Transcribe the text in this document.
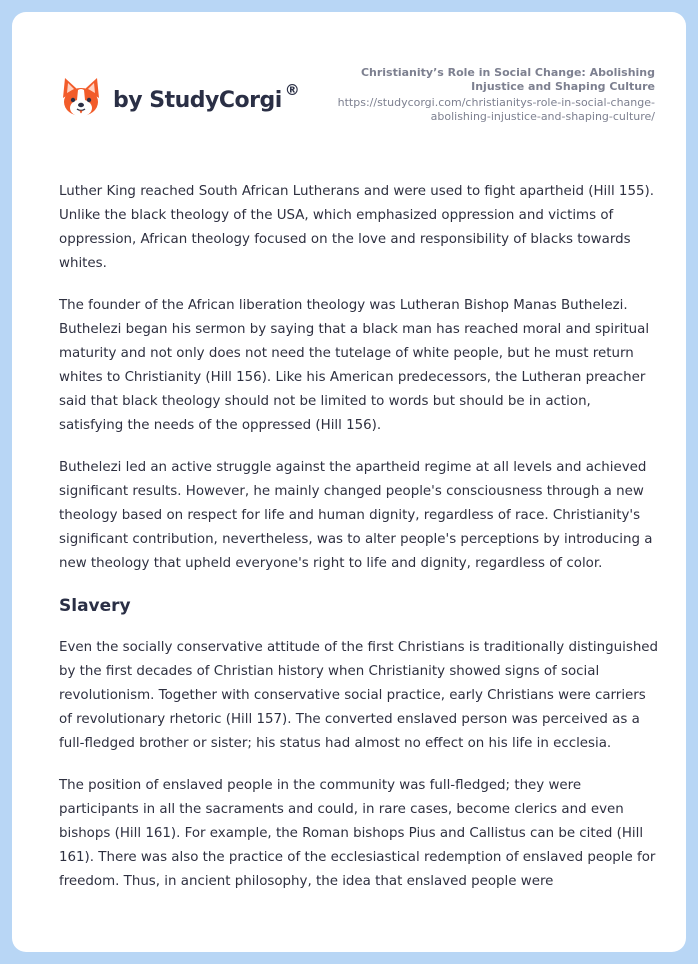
by StudyCorgi ®

Christianity’s Role in Social Change: Abolishing Injustice and Shaping Culture

https://studycorgi.com/christianitys-role-in-social-change-abolishing-injustice-and-shaping-culture/

Luther King reached South African Lutherans and were used to fight apartheid (Hill 155). Unlike the black theology of the USA, which emphasized oppression and victims of oppression, African theology focused on the love and responsibility of blacks towards whites.

The founder of the African liberation theology was Lutheran Bishop Manas Buthelezi. Buthelezi began his sermon by saying that a black man has reached moral and spiritual maturity and not only does not need the tutelage of white people, but he must return whites to Christianity (Hill 156). Like his American predecessors, the Lutheran preacher said that black theology should not be limited to words but should be in action, satisfying the needs of the oppressed (Hill 156).

Buthelezi led an active struggle against the apartheid regime at all levels and achieved significant results. However, he mainly changed people's consciousness through a new theology based on respect for life and human dignity, regardless of race. Christianity's significant contribution, nevertheless, was to alter people's perceptions by introducing a new theology that upheld everyone's right to life and dignity, regardless of color.

Slavery

Even the socially conservative attitude of the first Christians is traditionally distinguished by the first decades of Christian history when Christianity showed signs of social revolutionism. Together with conservative social practice, early Christians were carriers of revolutionary rhetoric (Hill 157). The converted enslaved person was perceived as a full-fledged brother or sister; his status had almost no effect on his life in ecclesia.

The position of enslaved people in the community was full-fledged; they were participants in all the sacraments and could, in rare cases, become clerics and even bishops (Hill 161). For example, the Roman bishops Pius and Callistus can be cited (Hill 161). There was also the practice of the ecclesiastical redemption of enslaved people for freedom. Thus, in ancient philosophy, the idea that enslaved people were
